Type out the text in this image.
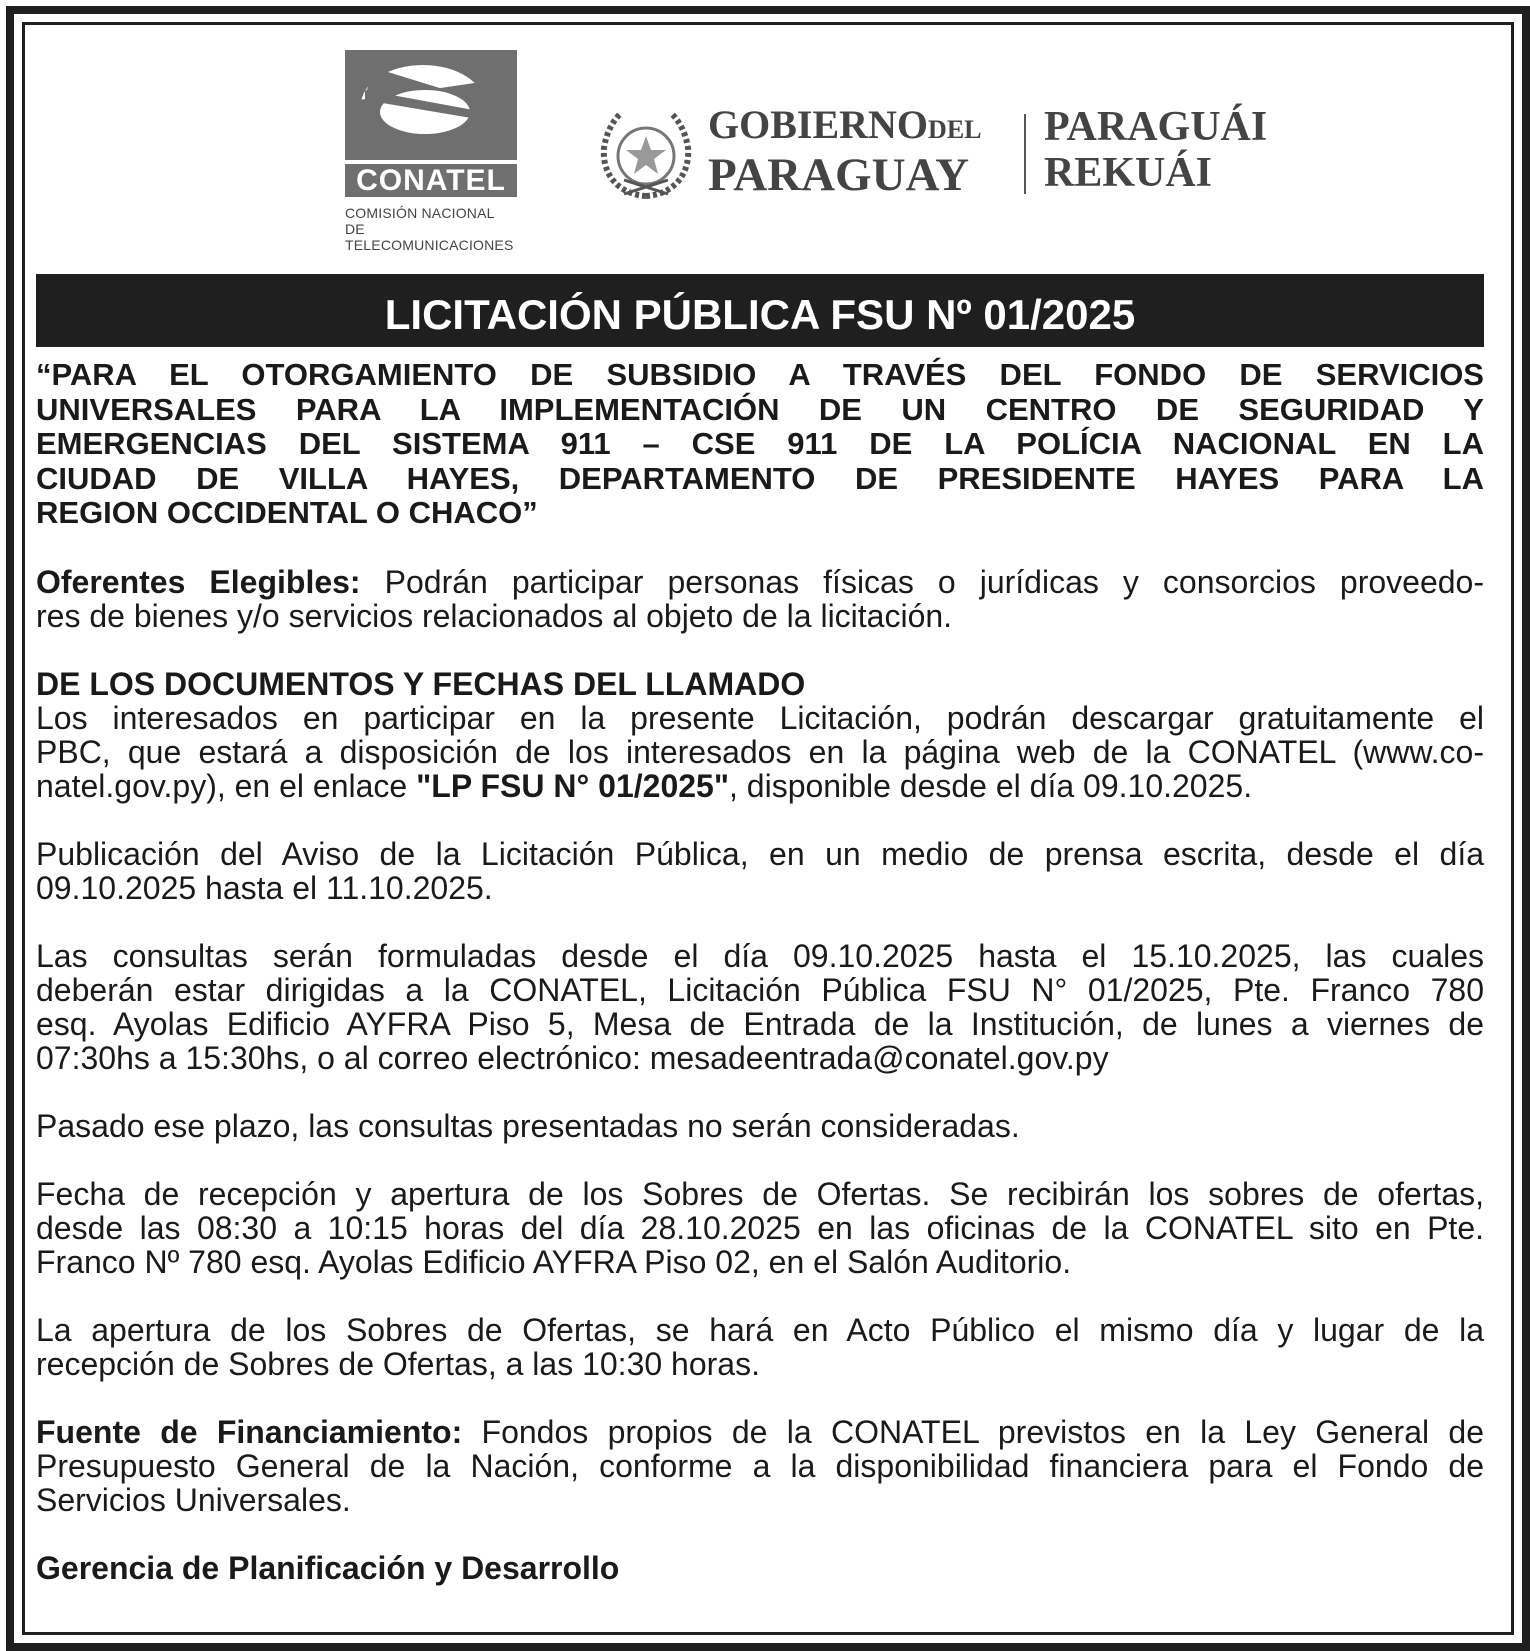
CONATEL
COMISIÓN NACIONAL DE
TELECOMUNICACIONES
GOBIERNODEL
PARAGUAY
PARAGUÁI
REKUÁI
LICITACIÓN PÚBLICA FSU Nº 01/2025
“PARA EL OTORGAMIENTO DE SUBSIDIO A TRAVÉS DEL FONDO DE SERVICIOS
UNIVERSALES PARA LA IMPLEMENTACIÓN DE UN CENTRO DE SEGURIDAD Y
EMERGENCIAS DEL SISTEMA 911 – CSE 911 DE LA POLÍCIA NACIONAL EN LA
CIUDAD DE VILLA HAYES, DEPARTAMENTO DE PRESIDENTE HAYES PARA LA
REGION OCCIDENTAL O CHACO”
Oferentes Elegibles: Podrán participar personas físicas o jurídicas y consorcios proveedo-
res de bienes y/o servicios relacionados al objeto de la licitación.
DE LOS DOCUMENTOS Y FECHAS DEL LLAMADO
Los interesados en participar en la presente Licitación, podrán descargar gratuitamente el
PBC, que estará a disposición de los interesados en la página web de la CONATEL (www.co-
natel.gov.py), en el enlace "LP FSU N° 01/2025", disponible desde el día 09.10.2025.
Publicación del Aviso de la Licitación Pública, en un medio de prensa escrita, desde el día
09.10.2025 hasta el 11.10.2025.
Las consultas serán formuladas desde el día 09.10.2025 hasta el 15.10.2025, las cuales
deberán estar dirigidas a la CONATEL, Licitación Pública FSU N° 01/2025, Pte. Franco 780
esq. Ayolas Edificio AYFRA Piso 5, Mesa de Entrada de la Institución, de lunes a viernes de
07:30hs a 15:30hs, o al correo electrónico: mesadeentrada@conatel.gov.py
Pasado ese plazo, las consultas presentadas no serán consideradas.
Fecha de recepción y apertura de los Sobres de Ofertas. Se recibirán los sobres de ofertas,
desde las 08:30 a 10:15 horas del día 28.10.2025 en las oficinas de la CONATEL sito en Pte.
Franco Nº 780 esq. Ayolas Edificio AYFRA Piso 02, en el Salón Auditorio.
La apertura de los Sobres de Ofertas, se hará en Acto Público el mismo día y lugar de la
recepción de Sobres de Ofertas, a las 10:30 horas.
Fuente de Financiamiento: Fondos propios de la CONATEL previstos en la Ley General de
Presupuesto General de la Nación, conforme a la disponibilidad financiera para el Fondo de
Servicios Universales.
Gerencia de Planificación y Desarrollo
